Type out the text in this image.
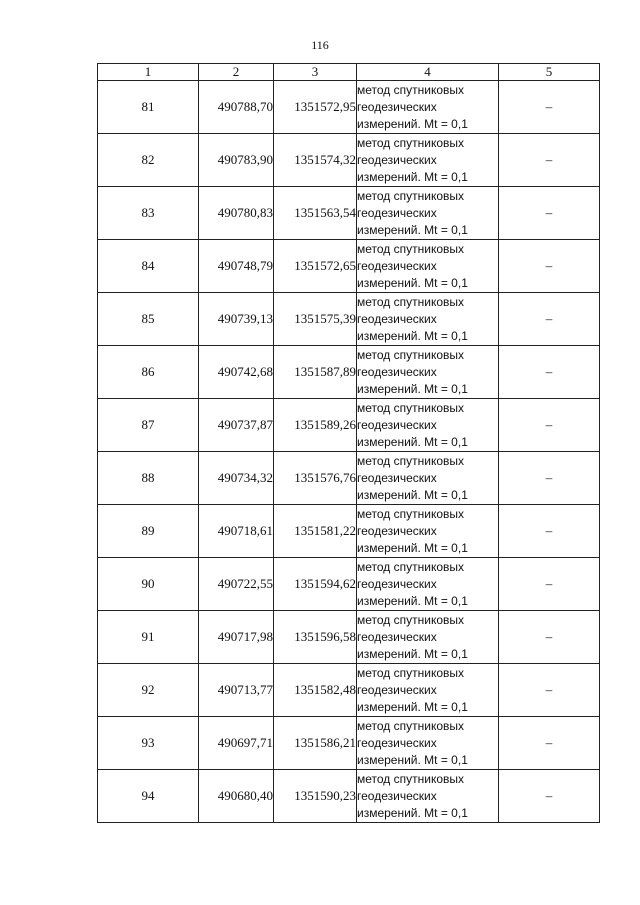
116
1	2	3	4	5
81	490788,70	1351572,95	метод спутниковых
геодезических
измерений. Mt = 0,1	–
82	490783,90	1351574,32	метод спутниковых
геодезических
измерений. Mt = 0,1	–
83	490780,83	1351563,54	метод спутниковых
геодезических
измерений. Mt = 0,1	–
84	490748,79	1351572,65	метод спутниковых
геодезических
измерений. Mt = 0,1	–
85	490739,13	1351575,39	метод спутниковых
геодезических
измерений. Mt = 0,1	–
86	490742,68	1351587,89	метод спутниковых
геодезических
измерений. Mt = 0,1	–
87	490737,87	1351589,26	метод спутниковых
геодезических
измерений. Mt = 0,1	–
88	490734,32	1351576,76	метод спутниковых
геодезических
измерений. Mt = 0,1	–
89	490718,61	1351581,22	метод спутниковых
геодезических
измерений. Mt = 0,1	–
90	490722,55	1351594,62	метод спутниковых
геодезических
измерений. Mt = 0,1	–
91	490717,98	1351596,58	метод спутниковых
геодезических
измерений. Mt = 0,1	–
92	490713,77	1351582,48	метод спутниковых
геодезических
измерений. Mt = 0,1	–
93	490697,71	1351586,21	метод спутниковых
геодезических
измерений. Mt = 0,1	–
94	490680,40	1351590,23	метод спутниковых
геодезических
измерений. Mt = 0,1	–
